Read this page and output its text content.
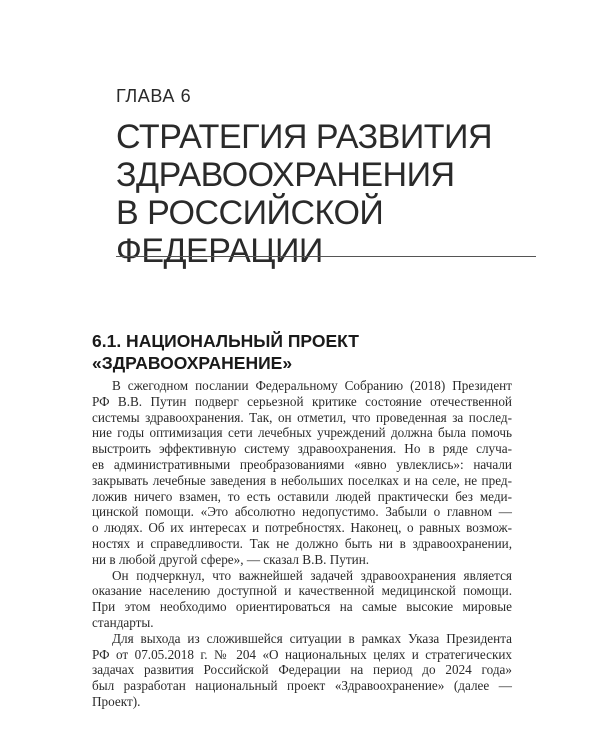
ГЛАВА 6
СТРАТЕГИЯ РАЗВИТИЯ
ЗДРАВООХРАНЕНИЯ
В РОССИЙСКОЙ
ФЕДЕРАЦИИ
6.1. НАЦИОНАЛЬНЫЙ ПРОЕКТ
«ЗДРАВООХРАНЕНИЕ»

В сжегодном послании Федеральному Собранию (2018) Президент
РФ В.В. Путин подверг серьезной критике состояние отечественной
системы здравоохранения. Так, он отметил, что проведенная за послед-
ние годы оптимизация сети лечебных учреждений должна была помочь
выстроить эффективную систему здравоохранения. Но в ряде случа-
ев административными преобразованиями «явно увлеклись»: начали
закрывать лечебные заведения в небольших поселках и на селе, не пред-
ложив ничего взамен, то есть оставили людей практически без меди-
цинской помощи. «Это абсолютно недопустимо. Забыли о главном —
о людях. Об их интересах и потребностях. Наконец, о равных возмож-
ностях и справедливости. Так не должно быть ни в здравоохранении,
ни в любой другой сфере», — сказал В.В. Путин.

Он подчеркнул, что важнейшей задачей здравоохранения является
оказание населению доступной и качественной медицинской помощи.
При этом необходимо ориентироваться на самые высокие мировые
стандарты.

Для выхода из сложившейся ситуации в рамках Указа Президента
РФ от 07.05.2018 г. № 204 «О национальных целях и стратегических
задачах развития Российской Федерации на период до 2024 года»
был разработан национальный проект «Здравоохранение» (далее —
Проект).
